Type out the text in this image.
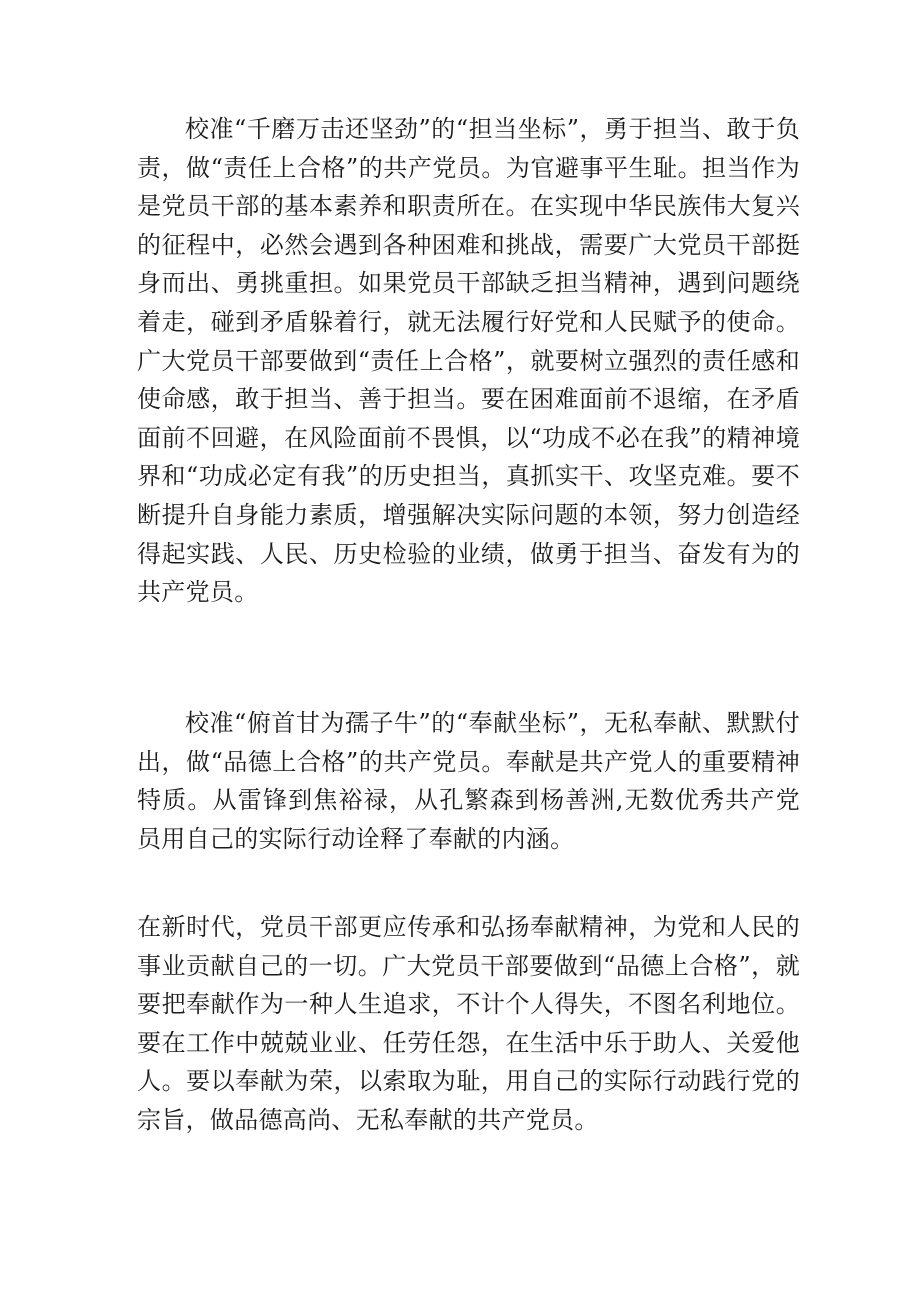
校准“千磨万击还坚劲”的“担当坐标”，勇于担当、敢于负责，做“责任上合格”的共产党员。为官避事平生耻。担当作为是党员干部的基本素养和职责所在。在实现中华民族伟大复兴的征程中，必然会遇到各种困难和挑战，需要广大党员干部挺身而出、勇挑重担。如果党员干部缺乏担当精神，遇到问题绕着走，碰到矛盾躲着行，就无法履行好党和人民赋予的使命。广大党员干部要做到“责任上合格”，就要树立强烈的责任感和使命感，敢于担当、善于担当。要在困难面前不退缩，在矛盾面前不回避，在风险面前不畏惧，以“功成不必在我”的精神境界和“功成必定有我”的历史担当，真抓实干、攻坚克难。要不断提升自身能力素质，增强解决实际问题的本领，努力创造经得起实践、人民、历史检验的业绩，做勇于担当、奋发有为的共产党员。

校准“俯首甘为孺子牛”的“奉献坐标”，无私奉献、默默付出，做“品德上合格”的共产党员。奉献是共产党人的重要精神特质。从雷锋到焦裕禄，从孔繁森到杨善洲,无数优秀共产党员用自己的实际行动诠释了奉献的内涵。

在新时代，党员干部更应传承和弘扬奉献精神，为党和人民的事业贡献自己的一切。广大党员干部要做到“品德上合格”，就要把奉献作为一种人生追求，不计个人得失，不图名利地位。要在工作中兢兢业业、任劳任怨，在生活中乐于助人、关爱他人。要以奉献为荣，以索取为耻，用自己的实际行动践行党的宗旨，做品德高尚、无私奉献的共产党员。
